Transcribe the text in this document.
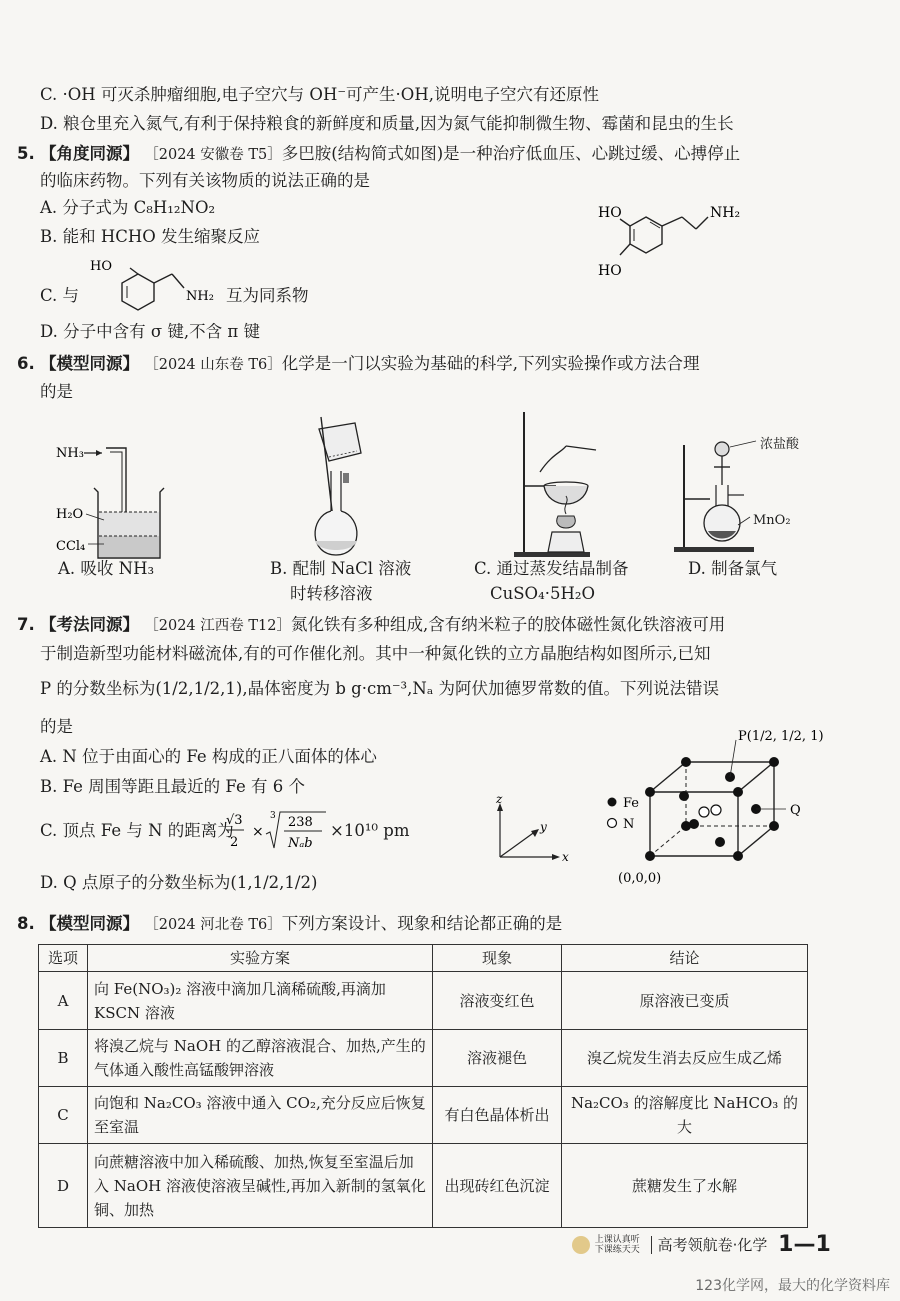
C. ·OH 可灭杀肿瘤细胞,电子空穴与 OH⁻可产生·OH,说明电子空穴有还原性
D. 粮仓里充入氮气,有利于保持粮食的新鲜度和质量,因为氮气能抑制微生物、霉菌和昆虫的生长
5. 【角度同源】 ［2024 安徽卷 T5］多巴胺(结构简式如图)是一种治疗低血压、心跳过缓、心搏停止
的临床药物。下列有关该物质的说法正确的是
A. 分子式为 C₈H₁₂NO₂
B. 能和 HCHO 发生缩聚反应
C. 与	互为同系物
D. 分子中含有 σ 键,不含 π 键
HO
NH₂
HO	NH₂
HO
6. 【模型同源】 ［2024 山东卷 T6］化学是一门以实验为基础的科学,下列实验操作或方法合理
的是
NH₃
H₂O
CCl₄
浓盐酸
MnO₂
A. 吸收 NH₃	B. 配制 NaCl 溶液
时转移溶液
C. 通过蒸发结晶制备
CuSO₄·5H₂O
D. 制备氯气
7. 【考法同源】 ［2024 江西卷 T12］氮化铁有多种组成,含有纳米粒子的胶体磁性氮化铁溶液可用
于制造新型功能材料磁流体,有的可作催化剂。其中一种氮化铁的立方晶胞结构如图所示,已知
P 的分数坐标为(1/2,1/2,1),晶体密度为 b g·cm⁻³,Nₐ 为阿伏加德罗常数的值。下列说法错误
的是
A. N 位于由面心的 Fe 构成的正八面体的体心
B. Fe 周围等距且最近的 Fe 有 6 个
C. 顶点 Fe 与 N 的距离为
√3
2
×
3 238
Nₐb
×10¹⁰ pm
D. Q 点原子的分数坐标为(1,1/2,1/2)
z
y
x
Fe
N
P(1/2, 1/2, 1)
Q
(0,0,0)
8. 【模型同源】 ［2024 河北卷 T6］下列方案设计、现象和结论都正确的是
选项	实验方案	现象	结论
A	向 Fe(NO₃)₂ 溶液中滴加几滴稀硫酸,再滴加 KSCN 溶液	溶液变红色	原溶液已变质
B	将溴乙烷与 NaOH 的乙醇溶液混合、加热,产生的气体通入酸性高锰酸钾溶液	溶液褪色	溴乙烷发生消去反应生成乙烯
C	向饱和 Na₂CO₃ 溶液中通入 CO₂,充分反应后恢复至室温	有白色晶体析出	Na₂CO₃ 的溶解度比 NaHCO₃ 的大
D	向蔗糖溶液中加入稀硫酸、加热,恢复至室温后加入 NaOH 溶液使溶液呈碱性,再加入新制的氢氧化铜、加热	出现砖红色沉淀	蔗糖发生了水解
上课认真听
下课练天天 高考领航卷·化学 1—1
123化学网，最大的化学资料库
